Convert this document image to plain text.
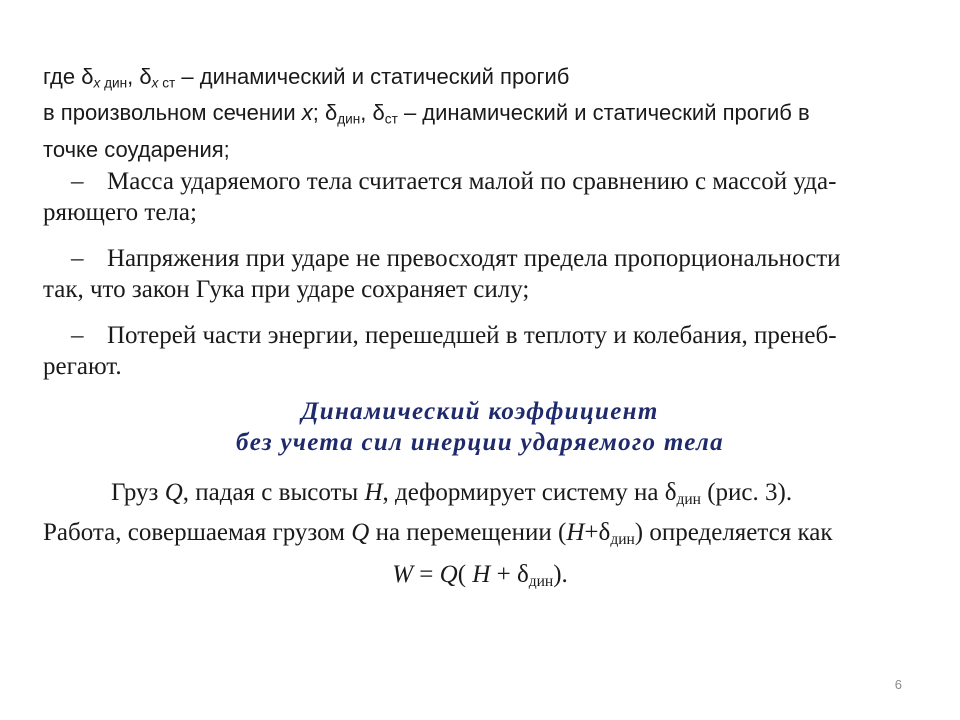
где $\delta_{x дин}$, $\delta_{x ст}$ – динамический и статический прогиб
в произвольном сечении x; $\delta_{дин}$, $\delta_{ст}$ – динамический и статический прогиб в
точке соударения;

– Масса ударяемого тела считается малой по сравнению с массой уда-
ряющего тела;

– Напряжения при ударе не превосходят предела пропорциональности
так, что закон Гука при ударе сохраняет силу;

– Потерей части энергии, перешедшей в теплоту и колебания, пренеб-
регают.

Динамический коэффициент
без учета сил инерции ударяемого тела

Груз Q, падая с высоты H, деформирует систему на $\delta_{дин}$ (рис. 3).
Работа, совершаемая грузом Q на перемещении $(H+\delta_{дин})$ определяется как

W = Q( $H + \delta_{дин}$).

6
